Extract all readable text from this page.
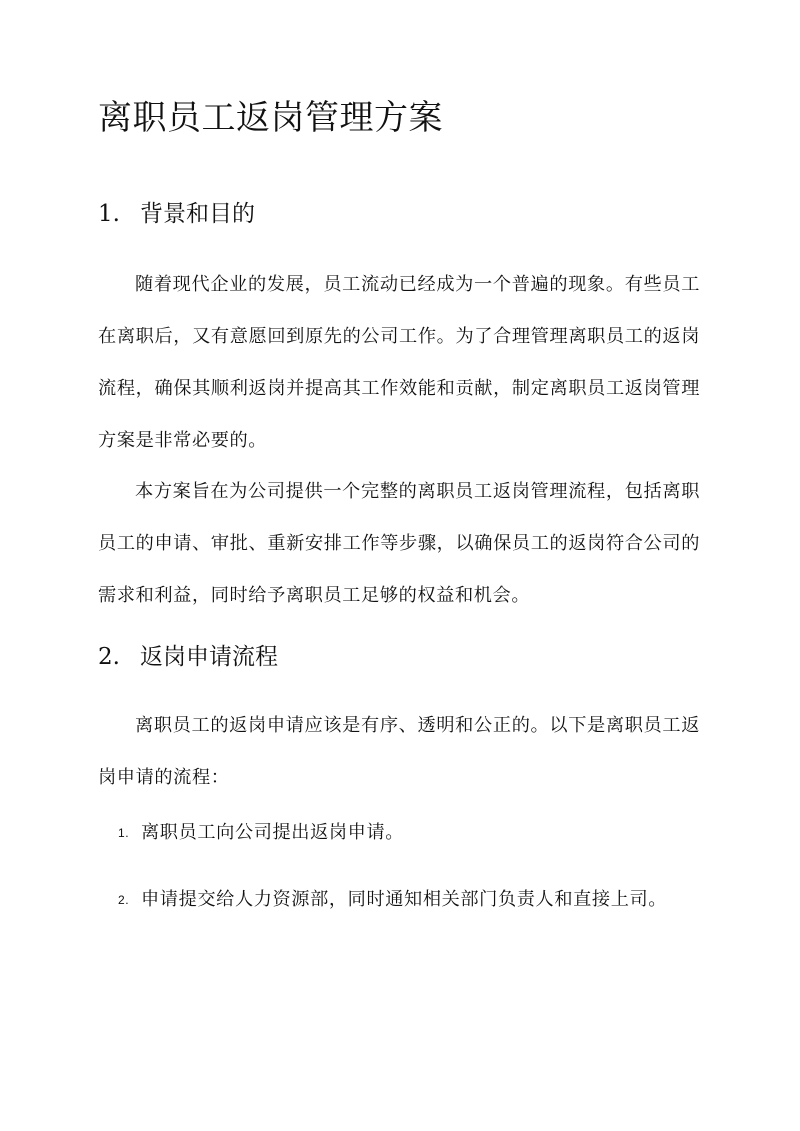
离职员工返岗管理方案
1. 背景和目的

随着现代企业的发展，员工流动已经成为一个普遍的现象。有些员工在离职后，又有意愿回到原先的公司工作。为了合理管理离职员工的返岗流程，确保其顺利返岗并提高其工作效能和贡献，制定离职员工返岗管理方案是非常必要的。

本方案旨在为公司提供一个完整的离职员工返岗管理流程，包括离职员工的申请、审批、重新安排工作等步骤，以确保员工的返岗符合公司的需求和利益，同时给予离职员工足够的权益和机会。

2. 返岗申请流程

离职员工的返岗申请应该是有序、透明和公正的。以下是离职员工返岗申请的流程：

1. 离职员工向公司提出返岗申请。
2. 申请提交给人力资源部，同时通知相关部门负责人和直接上司。
